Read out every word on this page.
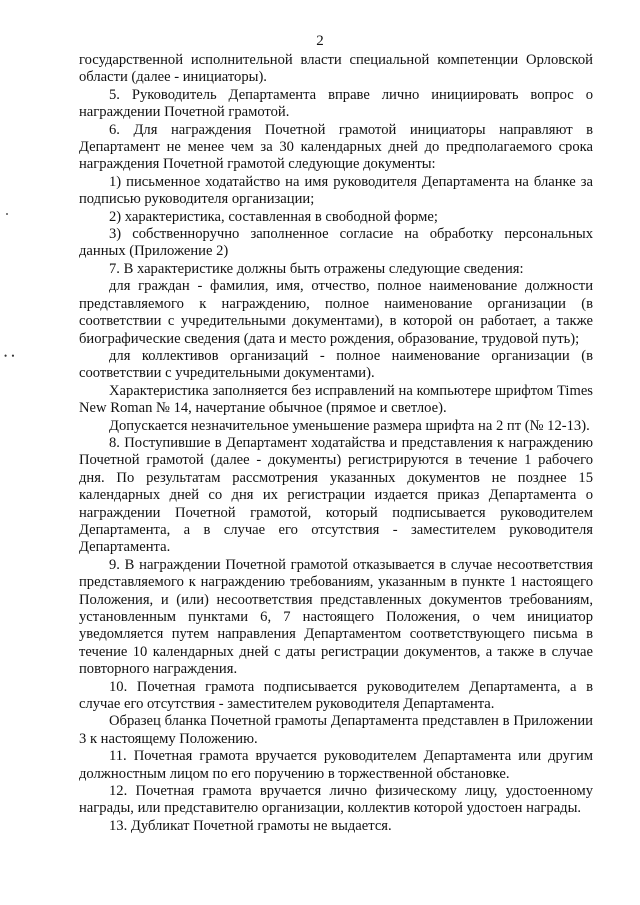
• •
2

государственной исполнительной власти специальной компетенции Орловской области (далее - инициаторы).

5. Руководитель Департамента вправе лично инициировать вопрос о награждении Почетной грамотой.

6. Для награждения Почетной грамотой инициаторы направляют в Департамент не менее чем за 30 календарных дней до предполагаемого срока награждения Почетной грамотой следующие документы:

1) письменное ходатайство на имя руководителя Департамента на бланке за подписью руководителя организации;

2) характеристика, составленная в свободной форме;

3) собственноручно заполненное согласие на обработку персональных данных (Приложение 2)

7. В характеристике должны быть отражены следующие сведения:

для граждан - фамилия, имя, отчество, полное наименование должности представляемого к награждению, полное наименование организации (в соответствии с учредительными документами), в которой он работает, а также биографические сведения (дата и место рождения, образование, трудовой путь);

для коллективов организаций - полное наименование организации (в соответствии с учредительными документами).

Характеристика заполняется без исправлений на компьютере шрифтом Times New Roman № 14, начертание обычное (прямое и светлое).

Допускается незначительное уменьшение размера шрифта на 2 пт (№ 12-13).

8. Поступившие в Департамент ходатайства и представления к награждению Почетной грамотой (далее - документы) регистрируются в течение 1 рабочего дня. По результатам рассмотрения указанных документов не позднее 15 календарных дней со дня их регистрации издается приказ Департамента о награждении Почетной грамотой, который подписывается руководителем Департамента, а в случае его отсутствия - заместителем руководителя Департамента.

9. В награждении Почетной грамотой отказывается в случае несоответствия представляемого к награждению требованиям, указанным в пункте 1 настоящего Положения, и (или) несоответствия представленных документов требованиям, установленным пунктами 6, 7 настоящего Положения, о чем инициатор уведомляется путем направления Департаментом соответствующего письма в течение 10 календарных дней с даты регистрации документов, а также в случае повторного награждения.

10. Почетная грамота подписывается руководителем Департамента, а в случае его отсутствия - заместителем руководителя Департамента.

Образец бланка Почетной грамоты Департамента представлен в Приложении 3 к настоящему Положению.

11. Почетная грамота вручается руководителем Департамента или другим должностным лицом по его поручению в торжественной обстановке.

12. Почетная грамота вручается лично физическому лицу, удостоенному награды, или представителю организации, коллектив которой удостоен награды.

13. Дубликат Почетной грамоты не выдается.
